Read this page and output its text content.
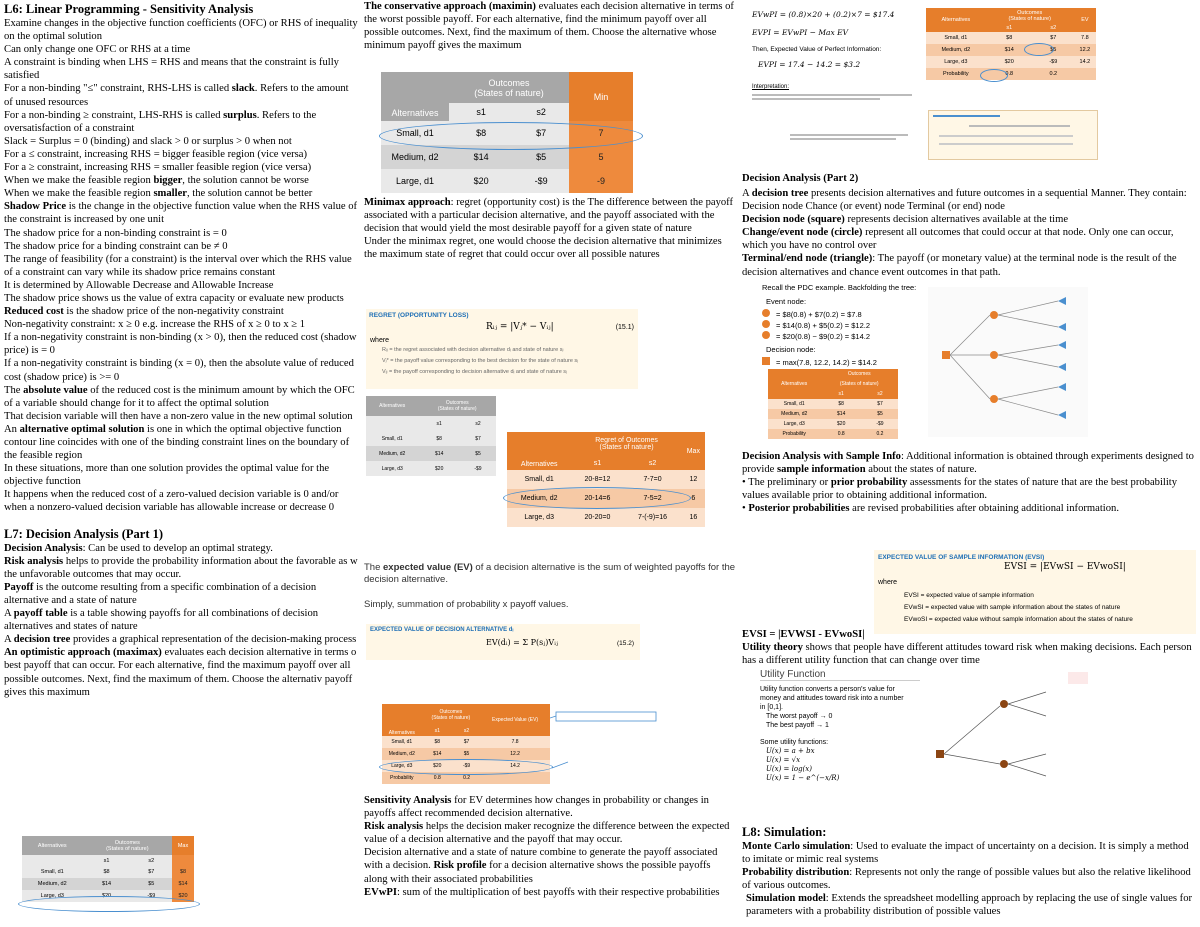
L6: Linear Programming - Sensitivity Analysis

Examine changes in the objective function coefficients (OFC) or RHS of inequality on the optimal solution

Can only change one OFC or RHS at a time

A constraint is binding when LHS = RHS and means that the constraint is fully satisfied

For a non-binding "≤" constraint, RHS-LHS is called slack. Refers to the amount of unused resources

For a non-binding ≥ constraint, LHS-RHS is called surplus. Refers to the oversatisfaction of a constraint

Slack = Surplus = 0 (binding) and slack > 0 or surplus > 0 when not

For a ≤ constraint, increasing RHS = bigger feasible region (vice versa)

For a ≥ constraint, increasing RHS = smaller feasible region (vice versa)

When we make the feasible region bigger, the solution cannot be worse

When we make the feasible region smaller, the solution cannot be better

Shadow Price is the change in the objective function value when the RHS value of the constraint is increased by one unit

The shadow price for a non-binding constraint is = 0

The shadow price for a binding constraint can be ≠ 0

The range of feasibility (for a constraint) is the interval over which the RHS value of a constraint can vary while its shadow price remains constant

It is determined by Allowable Decrease and Allowable Increase

The shadow price shows us the value of extra capacity or evaluate new products

Reduced cost is the shadow price of the non-negativity constraint

Non-negativity constraint: x ≥ 0 e.g. increase the RHS of x ≥ 0 to x ≥ 1

If a non-negativity constraint is non-binding (x > 0), then the reduced cost (shadow price) is = 0

If a non-negativity constraint is binding (x = 0), then the absolute value of reduced cost (shadow price) is >= 0

The absolute value of the reduced cost is the minimum amount by which the OFC of a variable should change for it to affect the optimal solution

That decision variable will then have a non-zero value in the new optimal solution

An alternative optimal solution is one in which the optimal objective function contour line coincides with one of the binding constraint lines on the boundary of the feasible region

In these situations, more than one solution provides the optimal value for the objective function

It happens when the reduced cost of a zero-valued decision variable is 0 and/or when a nonzero-valued decision variable has allowable increase or decrease 0

L7: Decision Analysis (Part 1)

Decision Analysis: Can be used to develop an optimal strategy.

Risk analysis helps to provide the probability information about the favorable as w the unfavorable outcomes that may occur.

Payoff is the outcome resulting from a specific combination of a decision alternative and a state of nature

A payoff table is a table showing payoffs for all combinations of decision alternatives and states of nature

A decision tree provides a graphical representation of the decision-making process

An optimistic approach (maximax) evaluates each decision alternative in terms o best payoff that can occur. For each alternative, find the maximum payoff over all possible outcomes. Next, find the maximum of them. Choose the alternativ payoff gives this maximum

Alternatives	Outcomes
(States of nature)		Max
	s1	s2	
Small, d1	$8	$7	$8
Medium, d2	$14	$5	$14
Large, d3	$20	-$9	$20

The conservative approach (maximin) evaluates each decision alternative in terms of the worst possible payoff. For each alternative, find the minimum payoff over all possible outcomes. Next, find the maximum of them. Choose the alternative whose minimum payoff gives the maximum

Alternatives	Outcomes
(States of nature)		Min
	s1	s2	
Small, d1	$8	$7	7
Medium, d2	$14	$5	5
Large, d1	$20	-$9	-9

Minimax approach: regret (opportunity cost) is the The difference between the payoff associated with a particular decision alternative, and the payoff associated with the decision that would yield the most desirable payoff for a given state of nature

Under the minimax regret, one would choose the decision alternative that minimizes the maximum state of regret that could occur over all possible natures

REGRET (OPPORTUNITY LOSS)
Rᵢⱼ = |Vⱼ* − Vᵢⱼ|	(15.1)
where
Rᵢⱼ = the regret associated with decision alternative dᵢ and state of nature sⱼ
Vⱼ* = the payoff value corresponding to the best decision for the state of nature sⱼ
Vᵢⱼ = the payoff corresponding to decision alternative dᵢ and state of nature sⱼ
Alternatives	Outcomes
(States of nature)	
	s1	s2
Small, d1	$8	$7
Medium, d2	$14	$5
Large, d3	$20	-$9
Alternatives	Regret of Outcomes
(States of nature)		Max
	s1	s2	
Small, d1	20-8=12	7-7=0	12
Medium, d2	20-14=6	7-5=2	6
Large, d3	20-20=0	7-(-9)=16	16

The expected value (EV) of a decision alternative is the sum of weighted payoffs for the decision alternative.

Simply, summation of probability x payoff values.

EXPECTED VALUE OF DECISION ALTERNATIVE dᵢ
EV(dᵢ) = Σ P(sⱼ)Vᵢⱼ	(15.2)
Alternatives	Outcomes
(States of nature)		Expected Value (EV)
	s1	s2	
Small, d1	$8	$7	7.8
Medium, d2	$14	$5	12.2
Large, d3	$20	-$9	14.2
Probability	0.8	0.2	

Sensitivity Analysis for EV determines how changes in probability or changes in payoffs affect recommended decision alternative.

Risk analysis helps the decision maker recognize the difference between the expected value of a decision alternative and the payoff that may occur.

Decision alternative and a state of nature combine to generate the payoff associated with a decision. Risk profile for a decision alternative shows the possible payoffs along with their associated probabilities

EVwPI: sum of the multiplication of best payoffs with their respective probabilities

EVwPI = (0.8)×20 + (0.2)×7 = $17.4
EVPI = EVwPI − Max EV
Then, Expected Value of Perfect Information:
EVPI = 17.4 − 14.2 = $3.2
Interpretation:
Alternatives	Outcomes
(States of nature)		EV
	s1	s2	
Small, d1	$8	$7	7.8
Medium, d2	$14	$5	12.2
Large, d3	$20	-$9	14.2
Probability	0.8	0.2	
Decision Analysis (Part 2)

A decision tree presents decision alternatives and future outcomes in a sequential Manner. They contain: Decision node Chance (or event) node Terminal (or end) node

Decision node (square) represents decision alternatives available at the time

Change/event node (circle) represent all outcomes that could occur at that node. Only one can occur, which you have no control over

Terminal/end node (triangle): The payoff (or monetary value) at the terminal node is the result of the decision alternatives and chance event outcomes in that path.

Recall the PDC example. Backfolding the tree:
Event node:
= $8(0.8) + $7(0.2) = $7.8
= $14(0.8) + $5(0.2) = $12.2
= $20(0.8) − $9(0.2) = $14.2
Decision node:
= max(7.8, 12.2, 14.2) = $14.2
Alternatives	Outcomes
(States of nature)	
	s1	s2
Small, d1	$8	$7
Medium, d2	$14	$5
Large, d3	$20	-$9
Probability	0.8	0.2

Decision Analysis with Sample Info: Additional information is obtained through experiments designed to provide sample information about the states of nature.

• The preliminary or prior probability assessments for the states of nature that are the best probability values available prior to obtaining additional information.

• Posterior probabilities are revised probabilities after obtaining additional information.

EXPECTED VALUE OF SAMPLE INFORMATION (EVSI)
EVSI = |EVwSI − EVwoSI|
where
EVSI = expected value of sample information
EVwSI = expected value with sample information about the states of nature
EVwoSI = expected value without sample information about the states of nature

EVSI = |EVWSI - EVwoSI|

Utility theory shows that people have different attitudes toward risk when making decisions. Each person has a different utility function that can change over time

Utility Function
Utility function converts a person's value for money and attitudes toward risk into a number in [0,1].
The worst payoff → 0
The best payoff → 1
Some utility functions:
U(x) = a + bx
U(x) = √x
U(x) = log(x)
U(x) = 1 − e^(−x/R)
L8: Simulation:

Monte Carlo simulation: Used to evaluate the impact of uncertainty on a decision. It is simply a method to imitate or mimic real systems

Probability distribution: Represents not only the range of possible values but also the relative likelihood of various outcomes.

Simulation model: Extends the spreadsheet modelling approach by replacing the use of single values for parameters with a probability distribution of possible values
